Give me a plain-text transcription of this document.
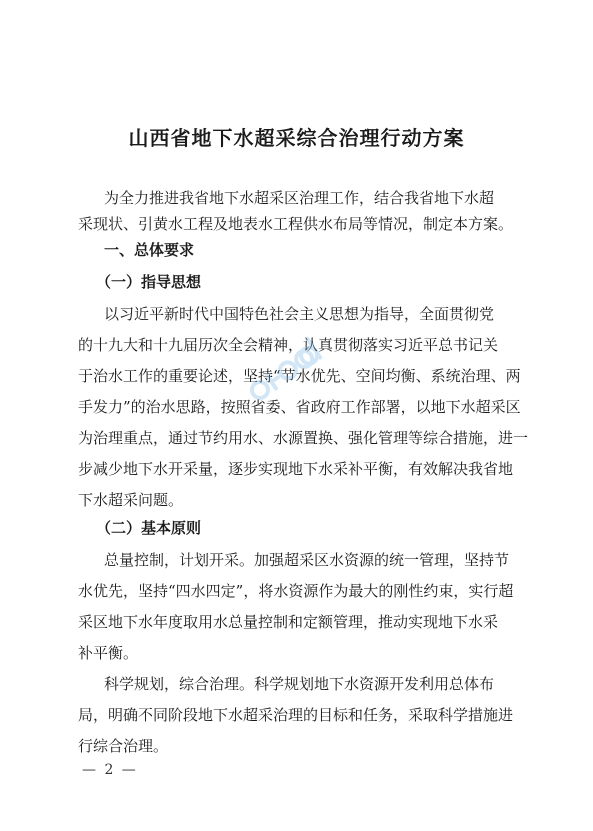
山西省地下水超采综合治理行动方案

为全力推进我省地下水超采区治理工作，结合我省地下水超

采现状、引黄水工程及地表水工程供水布局等情况，制定本方案。

一、总体要求

（一）指导思想

以习近平新时代中国特色社会主义思想为指导，全面贯彻党

的十九大和十九届历次全会精神，认真贯彻落实习近平总书记关

于治水工作的重要论述，坚持“节水优先、空间均衡、系统治理、两

手发力”的治水思路，按照省委、省政府工作部署，以地下水超采区

为治理重点，通过节约用水、水源置换、强化管理等综合措施，进一

步减少地下水开采量，逐步实现地下水采补平衡，有效解决我省地

下水超采问题。

（二）基本原则

总量控制，计划开采。加强超采区水资源的统一管理，坚持节

水优先，坚持“四水四定”，将水资源作为最大的刚性约束，实行超

采区地下水年度取用水总量控制和定额管理，推动实现地下水采

补平衡。

科学规划，综合治理。科学规划地下水资源开发利用总体布

局，明确不同阶段地下水超采治理的目标和任务，采取科学措施进

行综合治理。

— 2 —
